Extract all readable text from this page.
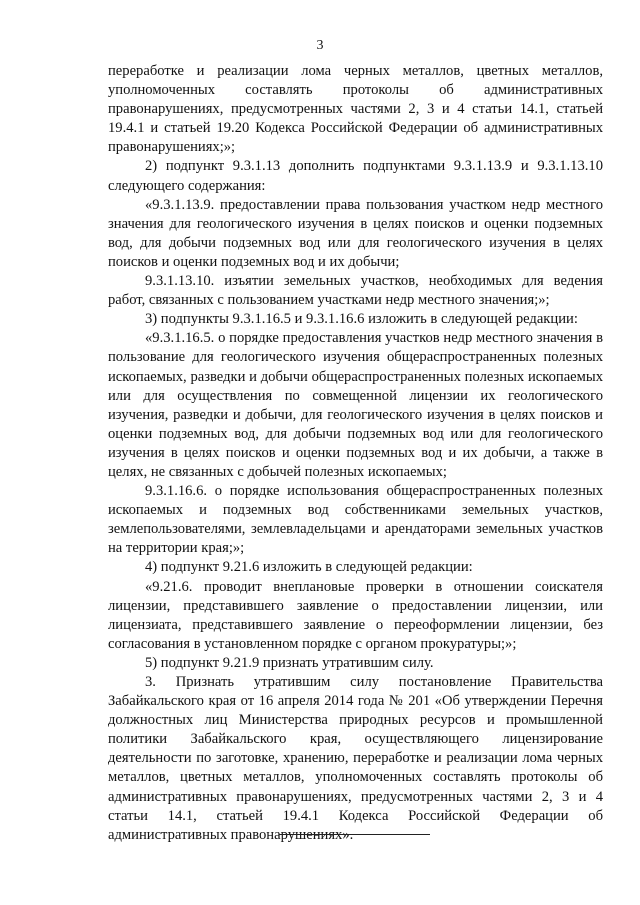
3

переработке и реализации лома черных металлов, цветных металлов, уполномоченных составлять протоколы об административных правонарушениях, предусмотренных частями 2, 3 и 4 статьи 14.1, статьей 19.4.1 и статьей 19.20 Кодекса Российской Федерации об административных правонарушениях;»;

2) подпункт 9.3.1.13 дополнить подпунктами 9.3.1.13.9 и 9.3.1.13.10 следующего содержания:

«9.3.1.13.9. предоставлении права пользования участком недр местного значения для геологического изучения в целях поисков и оценки подземных вод, для добычи подземных вод или для геологического изучения в целях поисков и оценки подземных вод и их добычи;

9.3.1.13.10. изъятии земельных участков, необходимых для ведения работ, связанных с пользованием участками недр местного значения;»;

3) подпункты 9.3.1.16.5 и 9.3.1.16.6 изложить в следующей редакции:

«9.3.1.16.5. о порядке предоставления участков недр местного значения в пользование для геологического изучения общераспространенных полезных ископаемых, разведки и добычи общераспространенных полезных ископаемых или для осуществления по совмещенной лицензии их геологического изучения, разведки и добычи, для геологического изучения в целях поисков и оценки подземных вод, для добычи подземных вод или для геологического изучения в целях поисков и оценки подземных вод и их добычи, а также в целях, не связанных с добычей полезных ископаемых;

9.3.1.16.6. о порядке использования общераспространенных полезных ископаемых и подземных вод собственниками земельных участков, землепользователями, землевладельцами и арендаторами земельных участков на территории края;»;

4) подпункт 9.21.6 изложить в следующей редакции:

«9.21.6. проводит внеплановые проверки в отношении соискателя лицензии, представившего заявление о предоставлении лицензии, или лицензиата, представившего заявление о переоформлении лицензии, без согласования в установленном порядке с органом прокуратуры;»;

5) подпункт 9.21.9 признать утратившим силу.

3. Признать утратившим силу постановление Правительства Забайкальского края от 16 апреля 2014 года № 201 «Об утверждении Перечня должностных лиц Министерства природных ресурсов и промышленной политики Забайкальского края, осуществляющего лицензирование деятельности по заготовке, хранению, переработке и реализации лома черных металлов, цветных металлов, уполномоченных составлять протоколы об административных правонарушениях, предусмотренных частями 2, 3 и 4 статьи 14.1, статьей 19.4.1 Кодекса Российской Федерации об административных правонарушениях».
